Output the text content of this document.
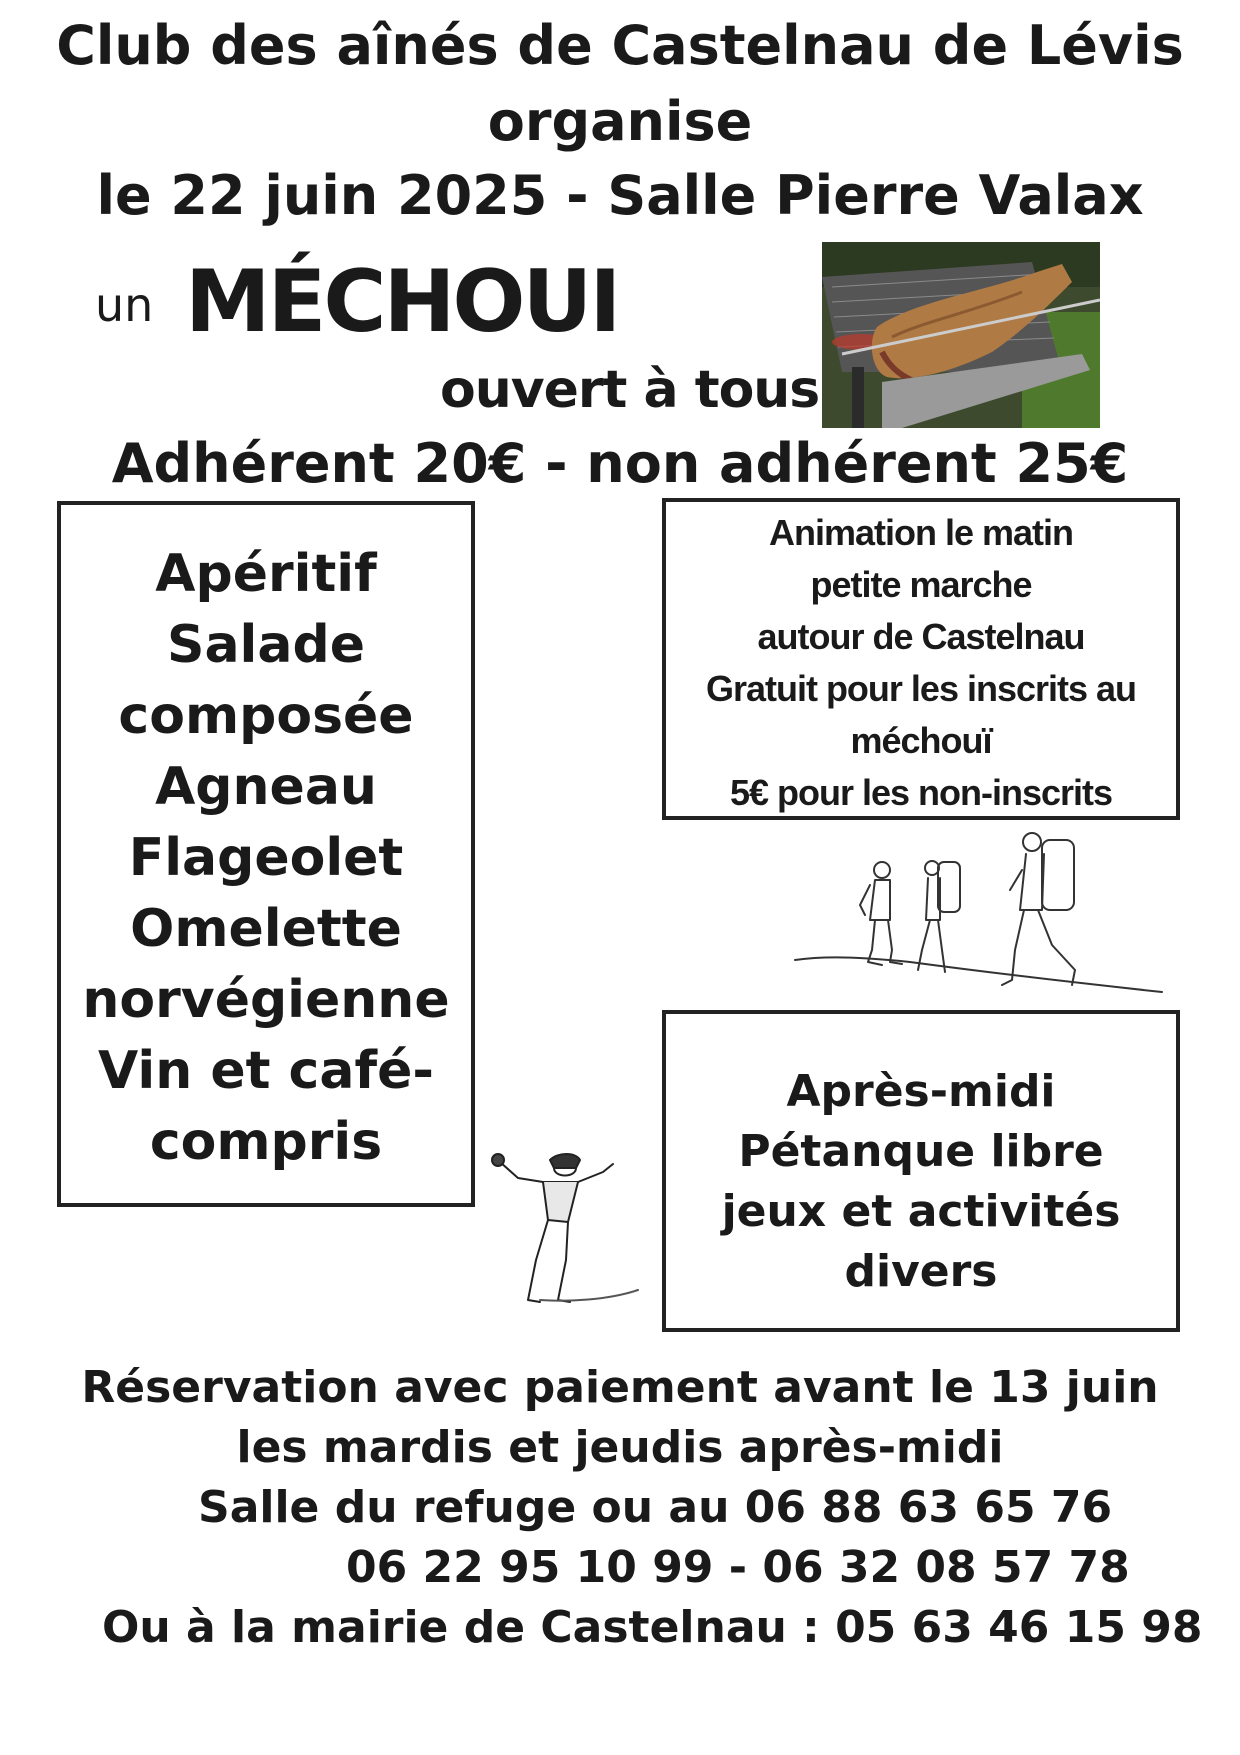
Club des aînés de Castelnau de Lévis

organise

le 22 juin 2025 - Salle Pierre Valax

un MÉCHOUI
ouvert à tous
Adhérent 20€ - non adhérent 25€
Apéritif
Salade
composée
Agneau
Flageolet
Omelette
norvégienne
Vin et café-
compris
Animation le matin
petite marche
autour de Castelnau
Gratuit pour les inscrits au
méchouï
5€ pour les non-inscrits
Après-midi
Pétanque libre
jeux et activités
divers
Réservation avec paiement avant le 13 juin
les mardis et jeudis après-midi
Salle du refuge ou au 06 88 63 65 76
06 22 95 10 99 - 06 32 08 57 78
Ou à la mairie de Castelnau : 05 63 46 15 98
